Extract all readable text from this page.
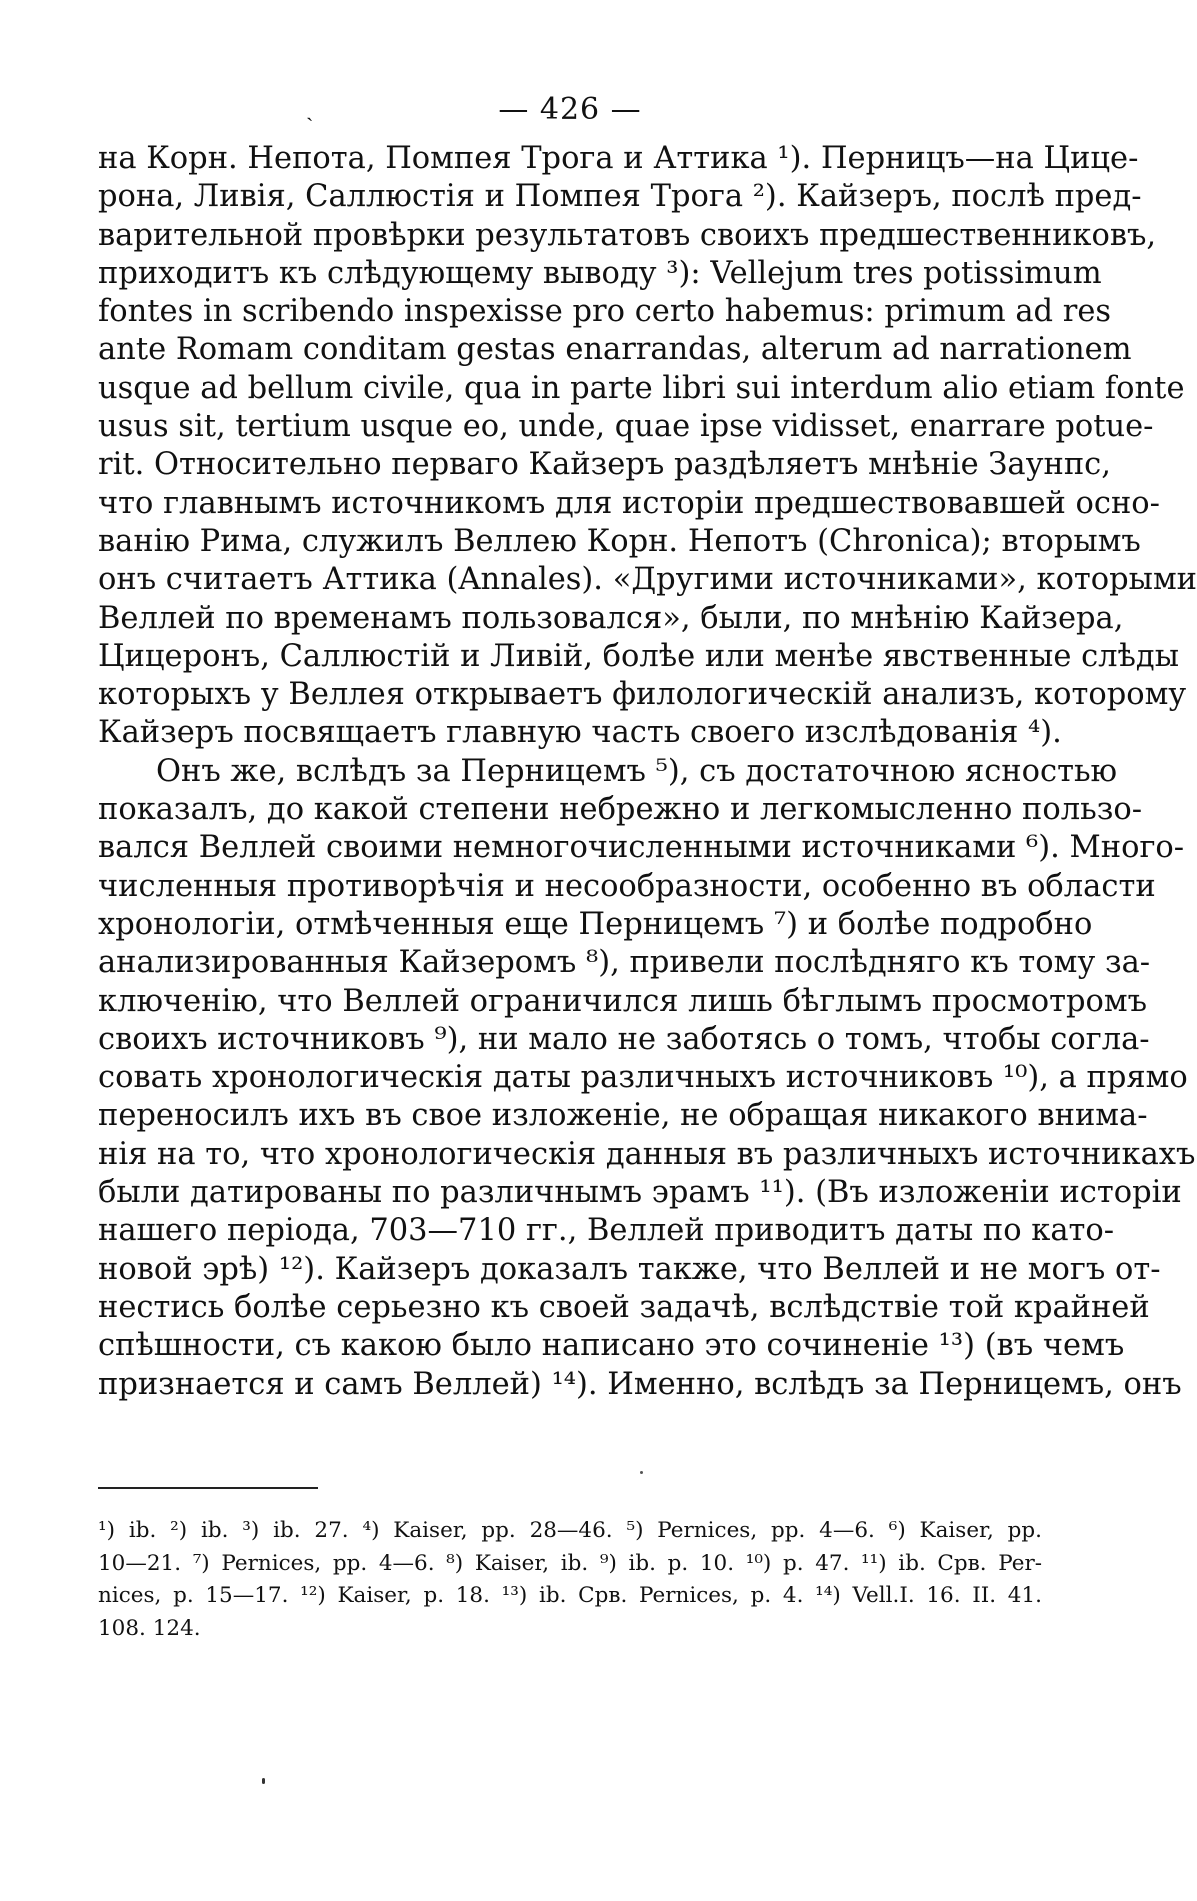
ˏ	— 426 —
на Корн. Непота, Помпея Трога и Аттика ¹). Перницъ—на Цице-
рона, Ливія, Саллюстія и Помпея Трога ²). Кайзеръ, послѣ пред-
варительной провѣрки результатовъ своихъ предшественниковъ,
приходитъ къ слѣдующему выводу ³): Vellejum tres potissimum
fontes in scribendo inspexisse pro certo habemus: primum ad res
ante Romam conditam gestas enarrandas, alterum ad narrationem
usque ad bellum civile, qua in parte libri sui interdum alio etiam fonte
usus sit, tertium usque eo, unde, quae ipse vidisset, enarrare potue-
rit. Относительно перваго Кайзеръ раздѣляетъ мнѣніе Заунпс,
что главнымъ источникомъ для исторіи предшествовавшей осно-
ванію Рима, служилъ Веллею Корн. Непотъ (Chronica); вторымъ
онъ считаетъ Аттика (Annales). «Другими источниками», которыми
Веллей по временамъ пользовался», были, по мнѣнію Кайзера,
Цицеронъ, Саллюстій и Ливій, болѣе или менѣе явственные слѣды
которыхъ у Веллея открываетъ филологическій анализъ, которому
Кайзеръ посвящаетъ главную часть своего изслѣдованія ⁴).
Онъ же, вслѣдъ за Перницемъ ⁵), съ достаточною ясностью
показалъ, до какой степени небрежно и легкомысленно пользо-
вался Веллей своими немногочисленными источниками ⁶). Много-
численныя противорѣчія и несообразности, особенно въ области
хронологіи, отмѣченныя еще Перницемъ ⁷) и болѣе подробно
анализированныя Кайзеромъ ⁸), привели послѣдняго къ тому за-
ключенію, что Веллей ограничился лишь бѣглымъ просмотромъ
своихъ источниковъ ⁹), ни мало не заботясь о томъ, чтобы согла-
совать хронологическія даты различныхъ источниковъ ¹⁰), а прямо
переносилъ ихъ въ свое изложеніе, не обращая никакого внима-
нія на то, что хронологическія данныя въ различныхъ источникахъ
были датированы по различнымъ эрамъ ¹¹). (Въ изложеніи исторіи
нашего періода, 703—710 гг., Веллей приводитъ даты по като-
новой эрѣ) ¹²). Кайзеръ доказалъ также, что Веллей и не могъ от-
нестись болѣе серьезно къ своей задачѣ, вслѣдствіе той крайней
спѣшности, съ какою было написано это сочиненіе ¹³) (въ чемъ
признается и самъ Веллей) ¹⁴). Именно, вслѣдъ за Перницемъ, онъ
¹) ib. ²) ib. ³) ib. 27. ⁴) Kaiser, pp. 28—46. ⁵) Pernices, pp. 4—6. ⁶) Kaiser, pp.
10—21. ⁷) Pernices, pp. 4—6. ⁸) Kaiser, ib. ⁹) ib. p. 10. ¹⁰) p. 47. ¹¹) ib. Срв. Per-
nices, p. 15—17. ¹²) Kaiser, p. 18. ¹³) ib. Срв. Pernices, p. 4. ¹⁴) Vell.I. 16. II. 41.
108. 124.
